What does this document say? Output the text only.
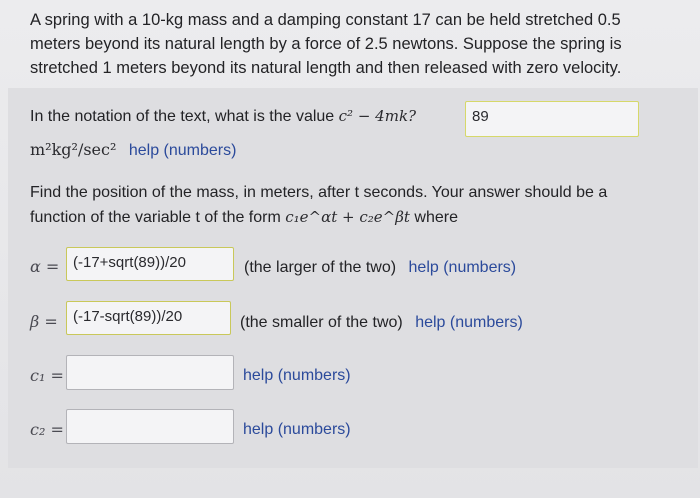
A spring with a 10-kg mass and a damping constant 17 can be held stretched 0.5
meters beyond its natural length by a force of 2.5 newtons. Suppose the spring is
stretched 1 meters beyond its natural length and then released with zero velocity.
In the notation of the text, what is the value c² − 4mk?	89
m²kg²/sec² help (numbers)
Find the position of the mass, in meters, after t seconds. Your answer should be a
function of the variable t of the form c₁e^αt + c₂e^βt where
α = (-17+sqrt(89))/20	(the larger of the two) help (numbers)
β =	(-17-sqrt(89))/20	(the smaller of the two) help (numbers)
c₁ =	help (numbers)
c₂ =	help (numbers)
